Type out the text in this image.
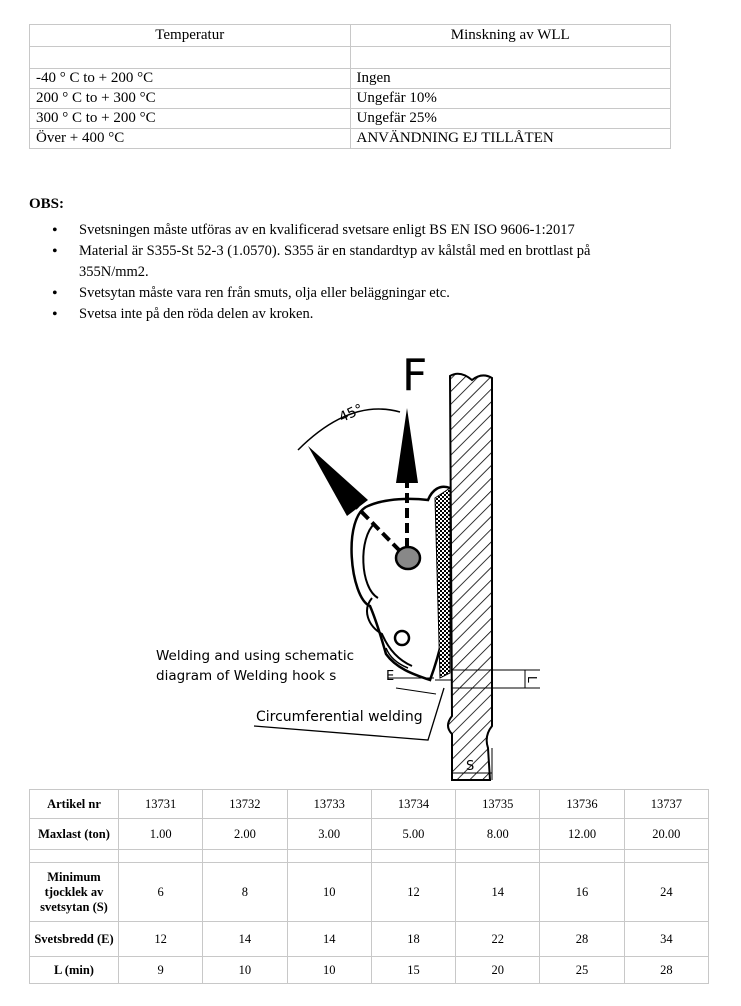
Temperatur	Minskning av WLL

-40 ° C to + 200 °C	Ingen
200 ° C to + 300 °C	Ungefär 10%
300 ° C to + 200 °C	Ungefär 25%
Över + 400 °C	ANVÄNDNING EJ TILLÅTEN
OBS:
• Svetsningen måste utföras av en kvalificerad svetsare enligt BS EN ISO 9606-1:2017
• Material är S355-St 52-3 (1.0570). S355 är en standardtyp av kålstål med en brottlast på 355N/mm2.
• Svetsytan måste vara ren från smuts, olja eller beläggningar etc.
• Svetsa inte på den röda delen av kroken.
F
45°
E	L
S
Circumferential welding
Welding and using schematic
diagram of Welding hook s
Artikel nr	13731	13732	13733	13734	13735	13736	13737
Maxlast (ton)	1.00	2.00	3.00	5.00	8.00	12.00	20.00

Minimum tjocklek av svetsytan (S)	6	8	10	12	14	16	24
Svetsbredd (E)	12	14	14	18	22	28	34
L (min)	9	10	10	15	20	25	28
